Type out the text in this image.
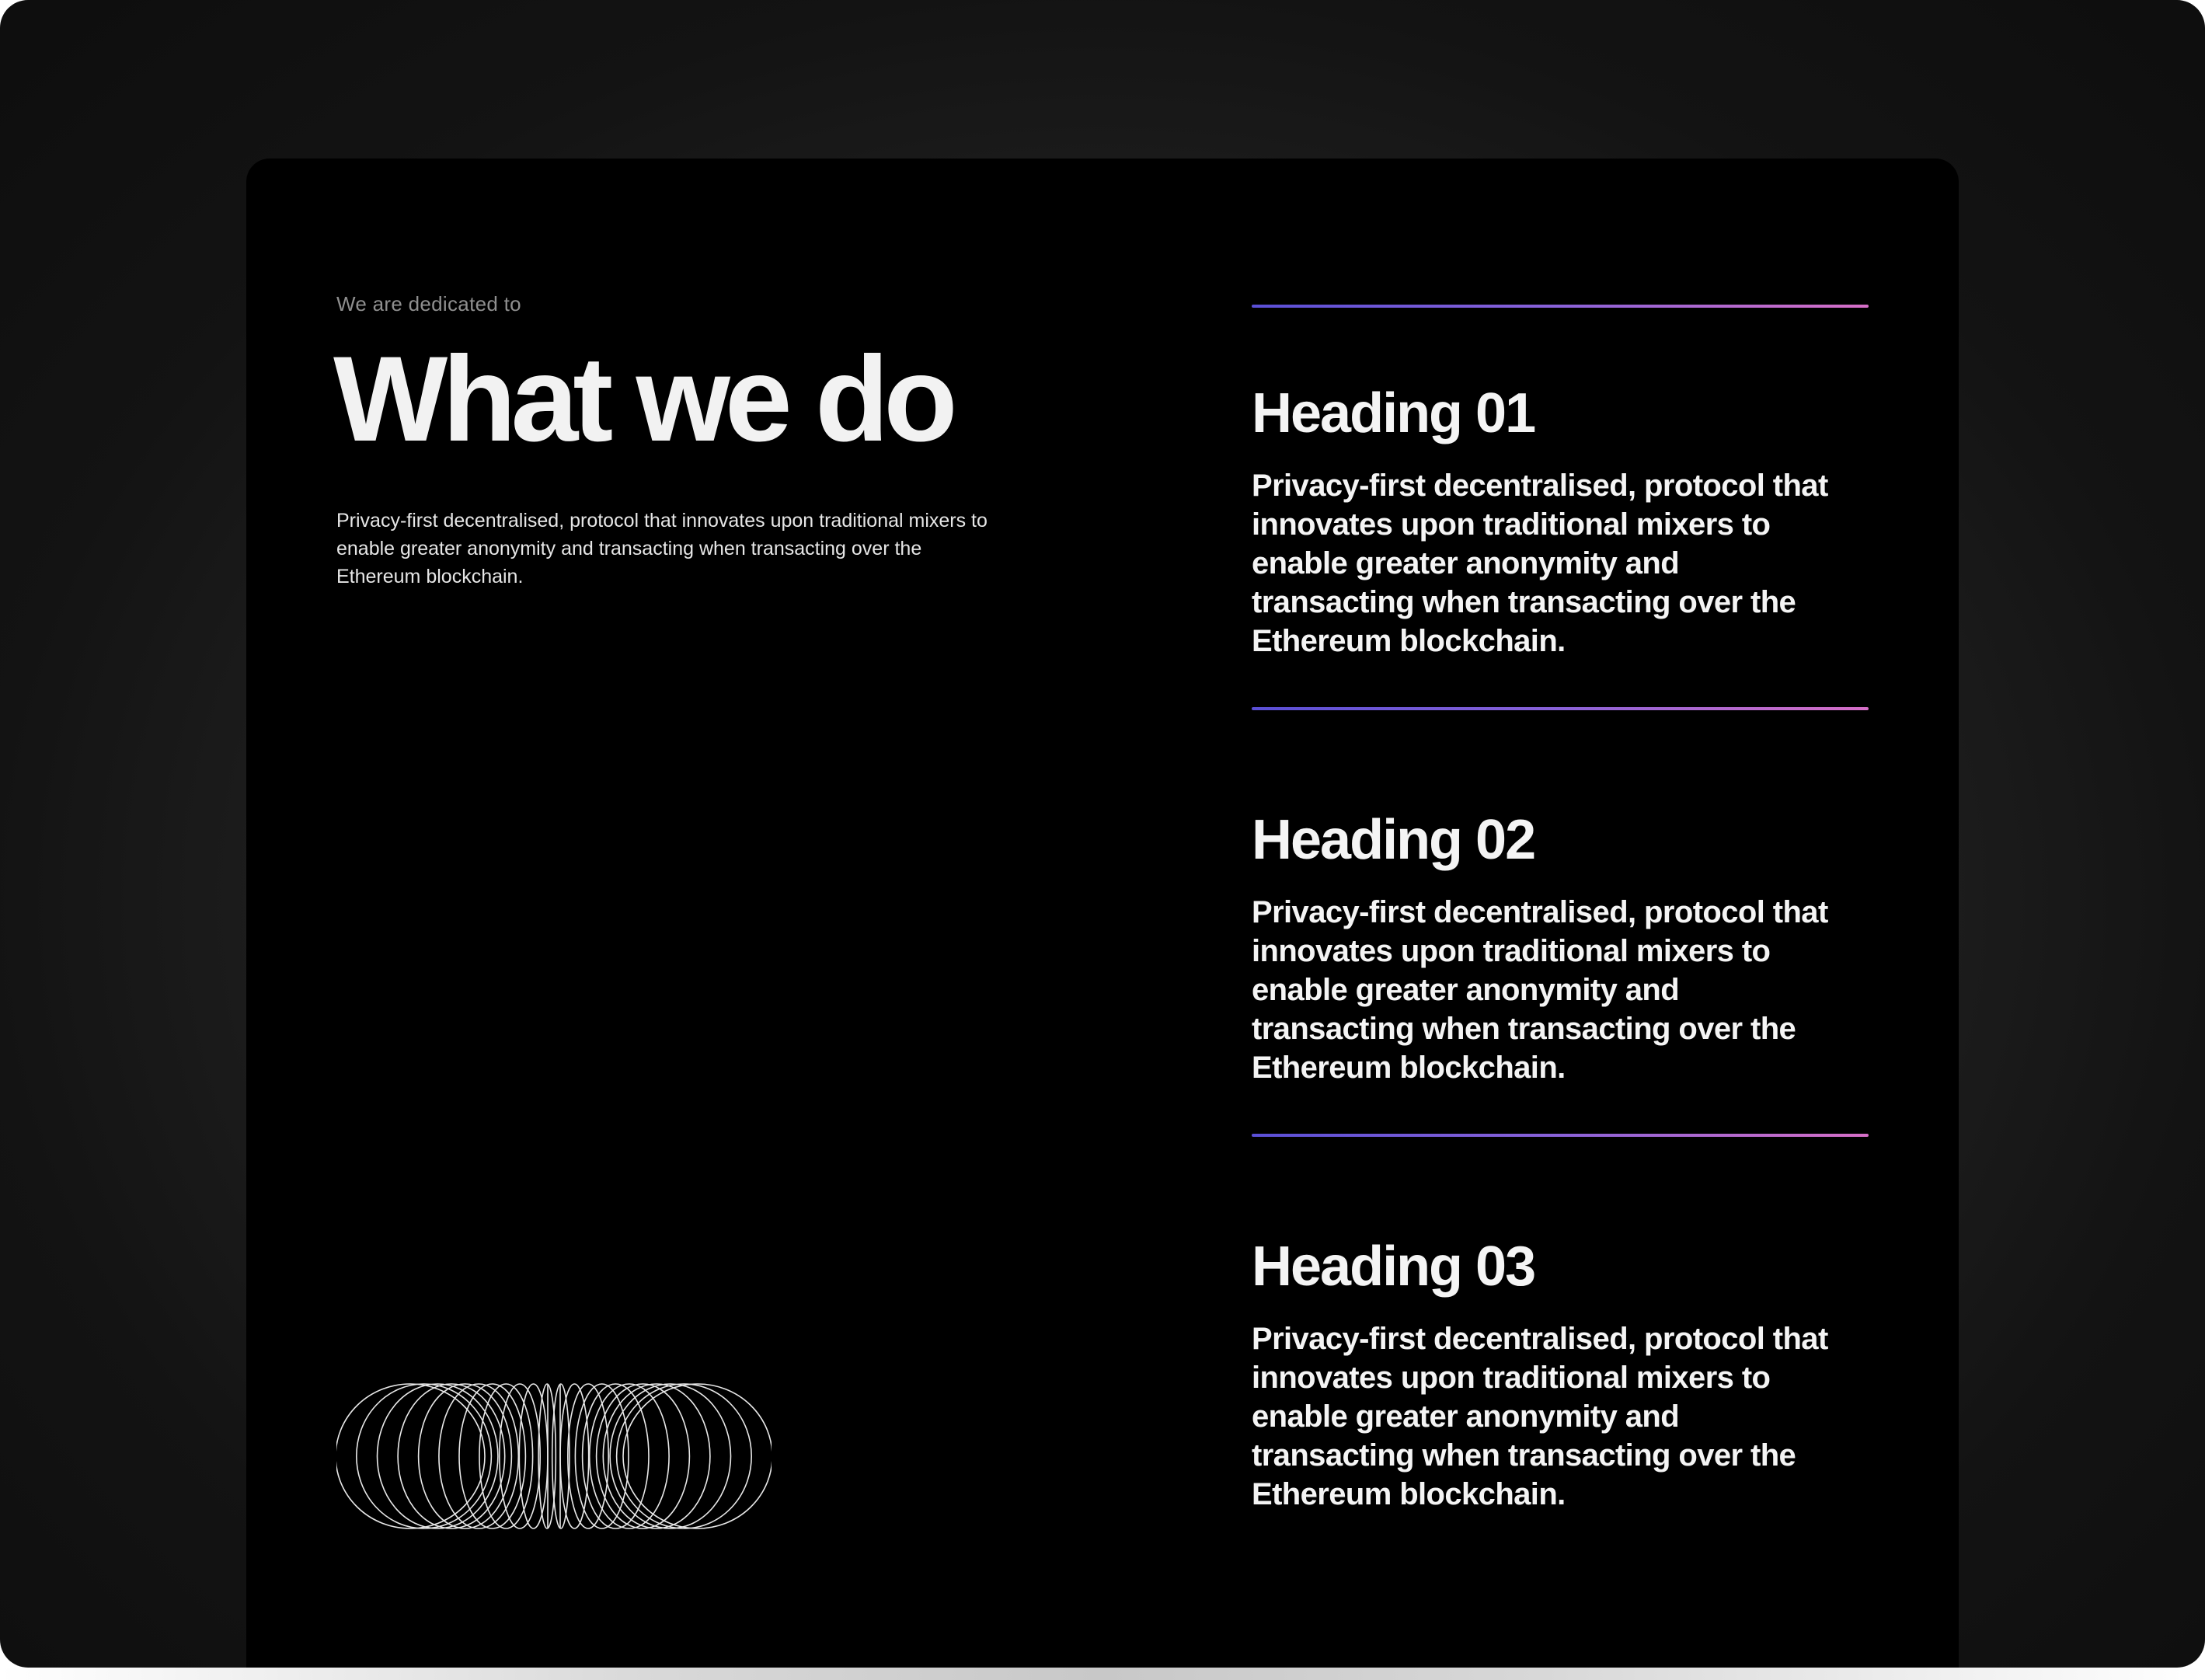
We are dedicated to
What we do
Privacy-first decentralised, protocol that innovates upon traditional mixers to enable greater anonymity and transacting when transacting over the Ethereum blockchain.
Heading 01
Privacy-first decentralised, protocol that innovates upon traditional mixers to enable greater anonymity and transacting when transacting over the Ethereum blockchain.
Heading 02
Privacy-first decentralised, protocol that innovates upon traditional mixers to enable greater anonymity and transacting when transacting over the Ethereum blockchain.
Heading 03
Privacy-first decentralised, protocol that innovates upon traditional mixers to enable greater anonymity and transacting when transacting over the Ethereum blockchain.
